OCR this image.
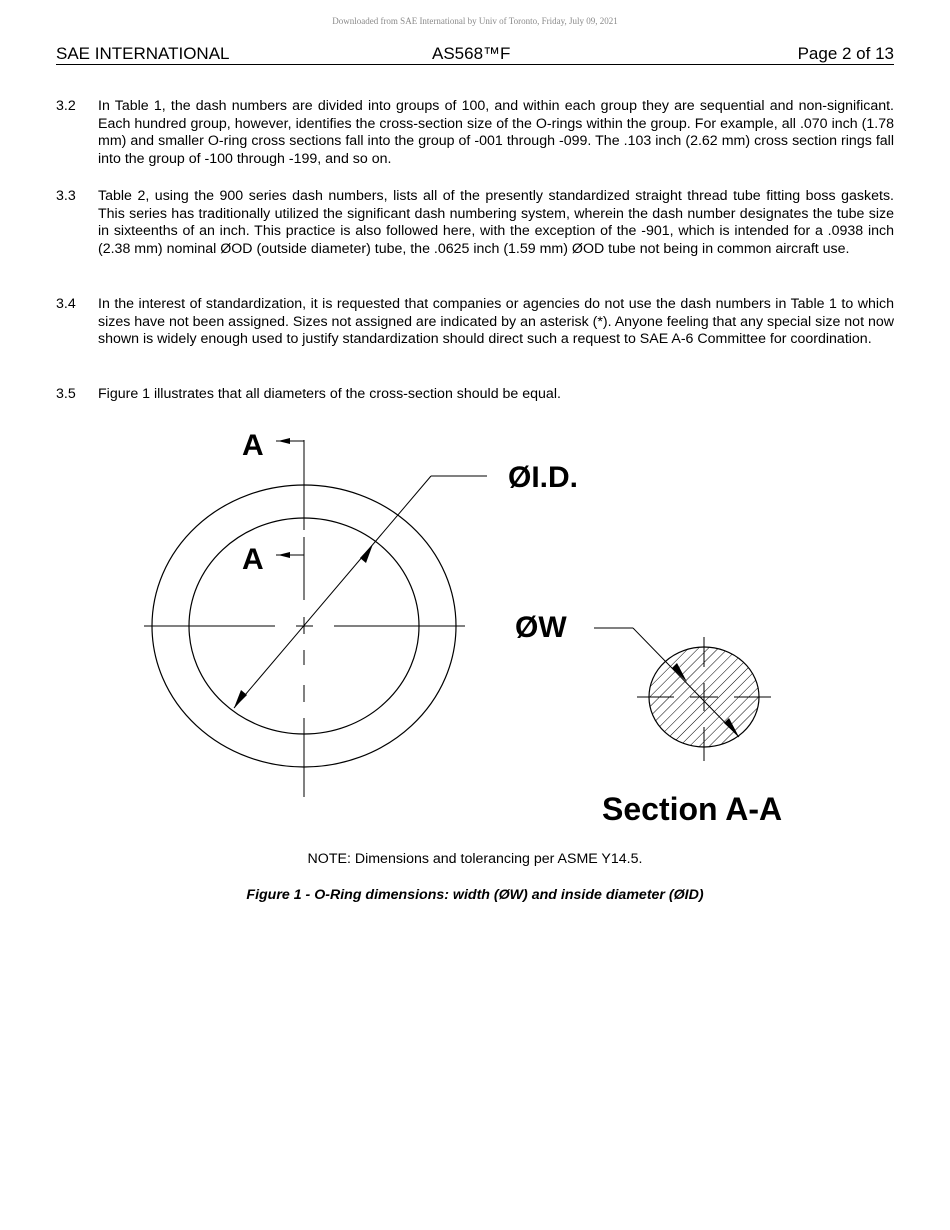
Downloaded from SAE International by Univ of Toronto, Friday, July 09, 2021
SAE INTERNATIONAL	AS568™F	Page 2 of 13
3.2 In Table 1, the dash numbers are divided into groups of 100, and within each group they are sequential and non-significant. Each hundred group, however, identifies the cross-section size of the O-rings within the group. For example, all .070 inch (1.78 mm) and smaller O-ring cross sections fall into the group of -001 through -099. The .103 inch (2.62 mm) cross section rings fall into the group of -100 through -199, and so on.
3.3 Table 2, using the 900 series dash numbers, lists all of the presently standardized straight thread tube fitting boss gaskets. This series has traditionally utilized the significant dash numbering system, wherein the dash number designates the tube size in sixteenths of an inch. This practice is also followed here, with the exception of the -901, which is intended for a .0938 inch (2.38 mm) nominal ØOD (outside diameter) tube, the .0625 inch (1.59 mm) ØOD tube not being in common aircraft use.
3.4 In the interest of standardization, it is requested that companies or agencies do not use the dash numbers in Table 1 to which sizes have not been assigned. Sizes not assigned are indicated by an asterisk (*). Anyone feeling that any special size not now shown is widely enough used to justify standardization should direct such a request to SAE A-6 Committee for coordination.
3.5 Figure 1 illustrates that all diameters of the cross-section should be equal.
A
A
ØI.D.
ØW
Section A-A
NOTE: Dimensions and tolerancing per ASME Y14.5.
Figure 1 - O-Ring dimensions: width (ØW) and inside diameter (ØID)
